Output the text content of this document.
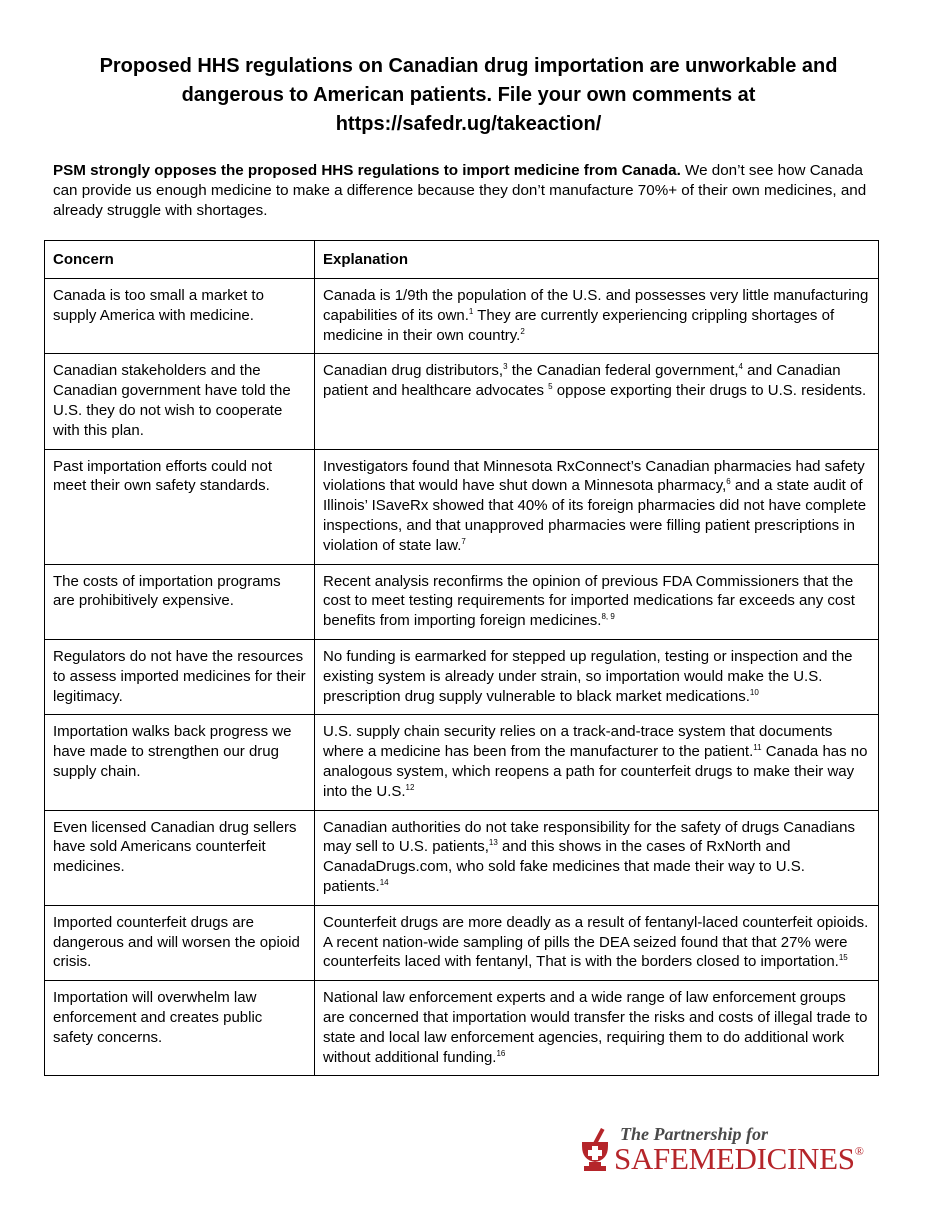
Proposed HHS regulations on Canadian drug importation are unworkable and
dangerous to American patients. File your own comments at
https://safedr.ug/takeaction/

PSM strongly opposes the proposed HHS regulations to import medicine from Canada. We don’t see how Canada can provide us enough medicine to make a difference because they don’t manufacture 70%+ of their own medicines, and already struggle with shortages.

Concern	Explanation
Canada is too small a market to supply America with medicine.	Canada is 1/9th the population of the U.S. and possesses very little manufacturing capabilities of its own.$^1$ They are currently experiencing crippling shortages of medicine in their own country.$^2$
Canadian stakeholders and the Canadian government have told the U.S. they do not wish to cooperate with this plan.	Canadian drug distributors,$^3$ the Canadian federal government,$^4$ and Canadian patient and healthcare advocates $^5$ oppose exporting their drugs to U.S. residents.
Past importation efforts could not meet their own safety standards.	Investigators found that Minnesota RxConnect’s Canadian pharmacies had safety violations that would have shut down a Minnesota pharmacy,$^6$ and a state audit of Illinois’ ISaveRx showed that 40% of its foreign pharmacies did not have complete inspections, and that unapproved pharmacies were filling patient prescriptions in violation of state law.$^7$
The costs of importation programs are prohibitively expensive.	Recent analysis reconfirms the opinion of previous FDA Commissioners that the cost to meet testing requirements for imported medications far exceeds any cost benefits from importing foreign medicines.$^{8, 9}$
Regulators do not have the resources to assess imported medicines for their legitimacy.	No funding is earmarked for stepped up regulation, testing or inspection and the existing system is already under strain, so importation would make the U.S. prescription drug supply vulnerable to black market medications.$^{10}$
Importation walks back progress we have made to strengthen our drug supply chain.	U.S. supply chain security relies on a track-and-trace system that documents where a medicine has been from the manufacturer to the patient.$^{11}$ Canada has no analogous system, which reopens a path for counterfeit drugs to make their way into the U.S.$^{12}$
Even licensed Canadian drug sellers have sold Americans counterfeit medicines.	Canadian authorities do not take responsibility for the safety of drugs Canadians may sell to U.S. patients,$^{13}$ and this shows in the cases of RxNorth and CanadaDrugs.com, who sold fake medicines that made their way to U.S. patients.$^{14}$
Imported counterfeit drugs are dangerous and will worsen the opioid crisis.	Counterfeit drugs are more deadly as a result of fentanyl-laced counterfeit opioids. A recent nation-wide sampling of pills the DEA seized found that that 27% were counterfeits laced with fentanyl, That is with the borders closed to importation.$^{15}$
Importation will overwhelm law enforcement and creates public safety concerns.	National law enforcement experts and a wide range of law enforcement groups are concerned that importation would transfer the risks and costs of illegal trade to state and local law enforcement agencies, requiring them to do additional work without additional funding.$^{16}$
The Partnership for
SAFEMEDICINES®
